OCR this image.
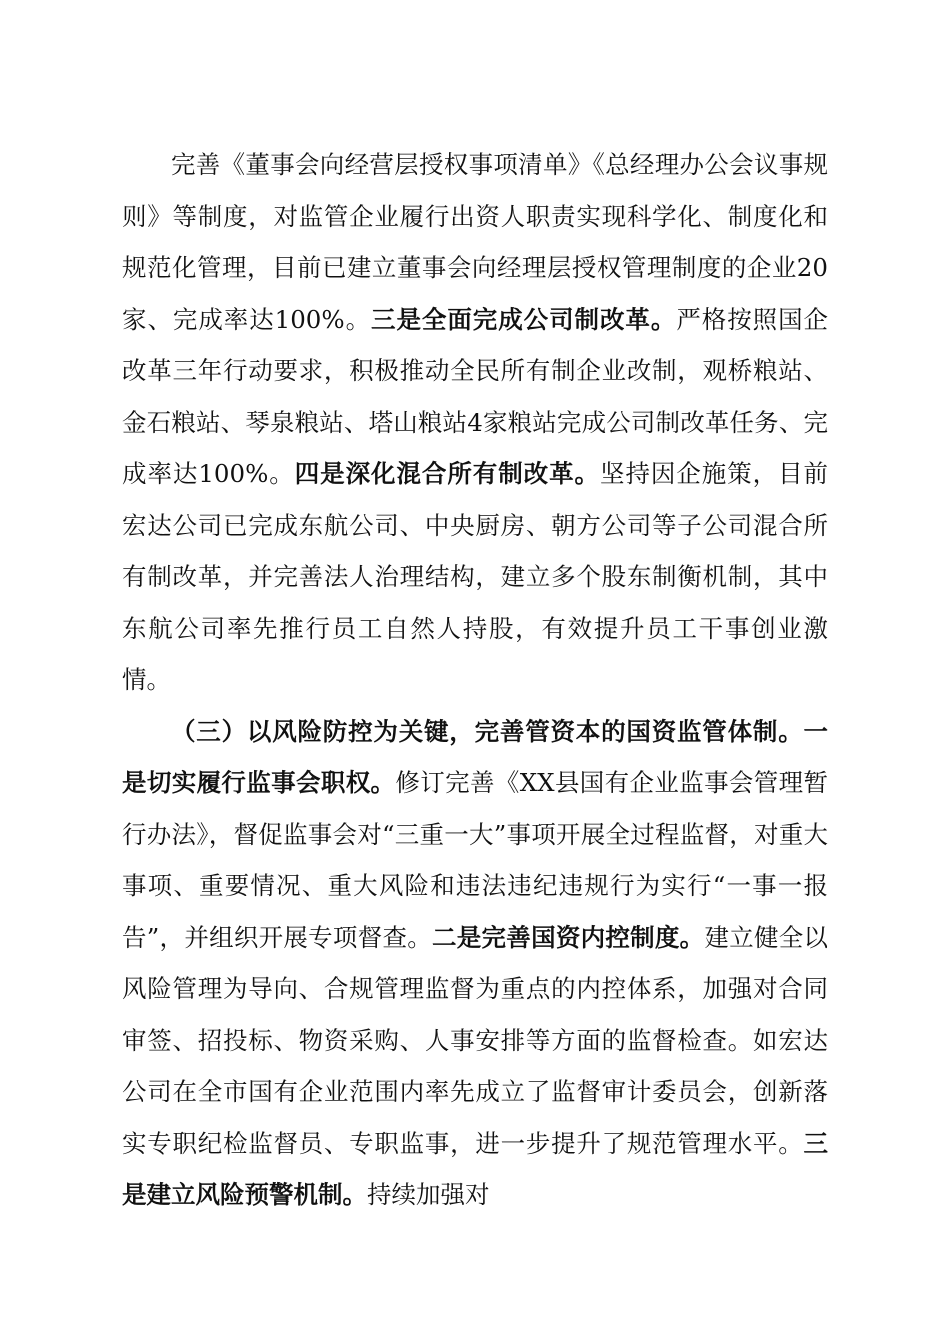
完善《董事会向经营层授权事项清单》《总经理办公会议事规则》等制度，对监管企业履行出资人职责实现科学化、制度化和规范化管理，目前已建立董事会向经理层授权管理制度的企业20家、完成率达100%。三是全面完成公司制改革。严格按照国企改革三年行动要求，积极推动全民所有制企业改制，观桥粮站、金石粮站、琴泉粮站、塔山粮站4家粮站完成公司制改革任务、完成率达100%。四是深化混合所有制改革。坚持因企施策，目前宏达公司已完成东航公司、中央厨房、朝方公司等子公司混合所有制改革，并完善法人治理结构，建立多个股东制衡机制，其中东航公司率先推行员工自然人持股，有效提升员工干事创业激情。

（三）以风险防控为关键，完善管资本的国资监管体制。一是切实履行监事会职权。修订完善《XX县国有企业监事会管理暂行办法》，督促监事会对“三重一大”事项开展全过程监督，对重大事项、重要情况、重大风险和违法违纪违规行为实行“一事一报告”，并组织开展专项督查。二是完善国资内控制度。建立健全以风险管理为导向、合规管理监督为重点的内控体系，加强对合同审签、招投标、物资采购、人事安排等方面的监督检查。如宏达公司在全市国有企业范围内率先成立了监督审计委员会，创新落实专职纪检监督员、专职监事，进一步提升了规范管理水平。三是建立风险预警机制。持续加强对
